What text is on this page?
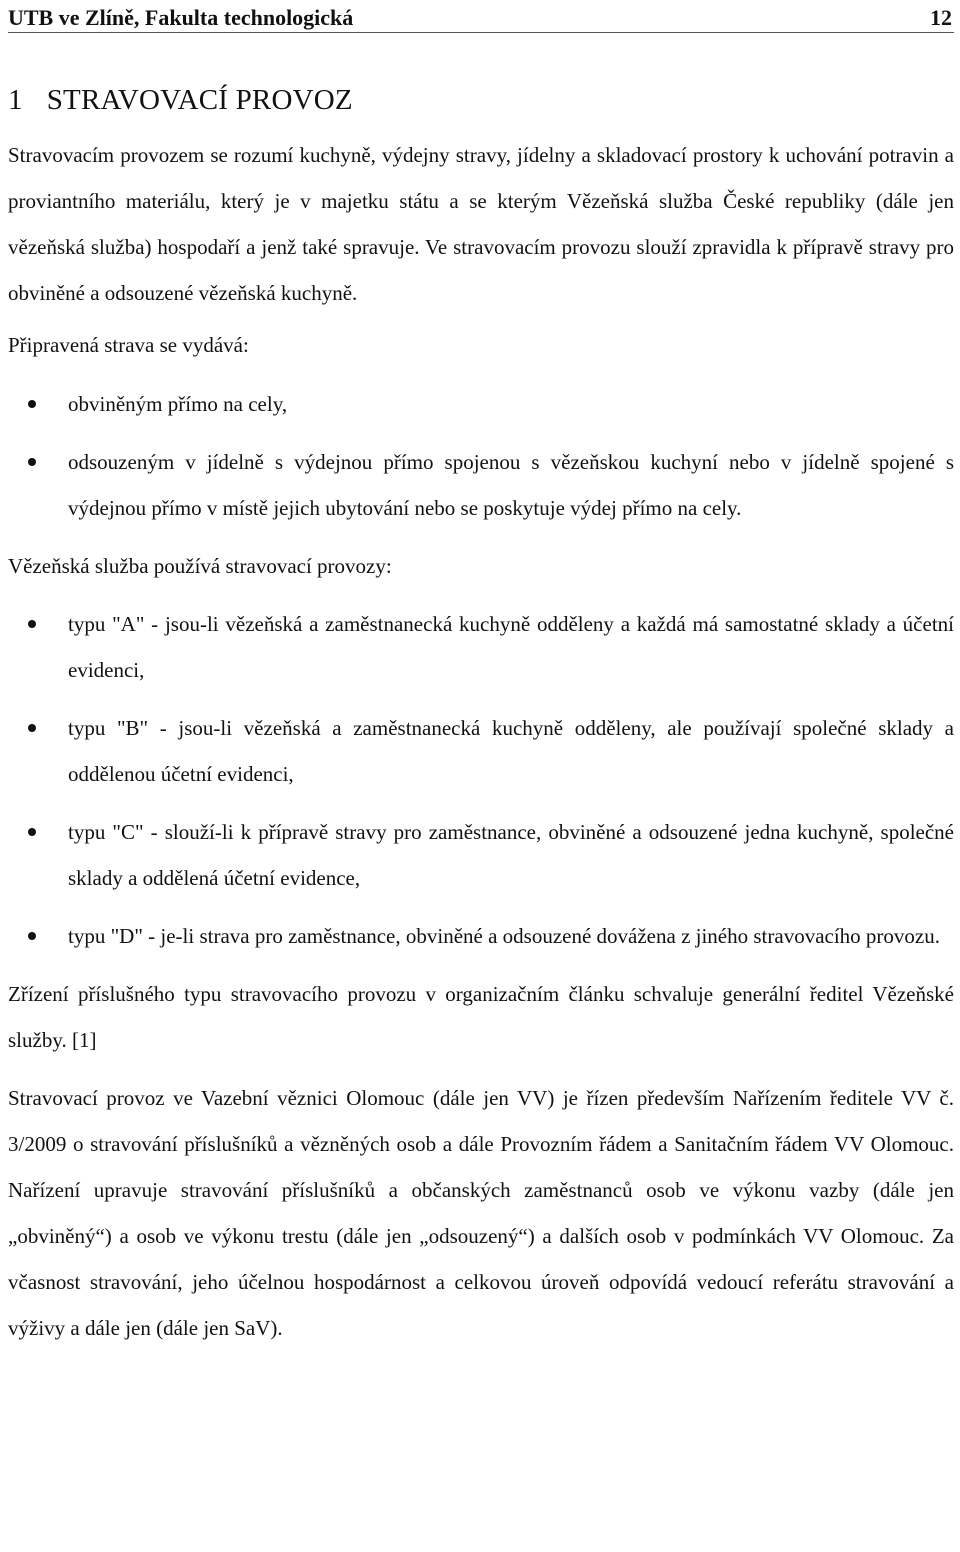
UTB ve Zlíně, Fakulta technologická	12
1 STRAVOVACÍ PROVOZ

Stravovacím provozem se rozumí kuchyně, výdejny stravy, jídelny a skladovací prostory k uchování potravin a proviantního materiálu, který je v majetku státu a se kterým Vězeňská služba České republiky (dále jen vězeňská služba) hospodaří a jenž také spravuje. Ve stravovacím provozu slouží zpravidla k přípravě stravy pro obviněné a odsouzené vězeňská kuchyně.

Připravená strava se vydává:

obviněným přímo na cely,
odsouzeným v jídelně s výdejnou přímo spojenou s vězeňskou kuchyní nebo v jídelně spojené s výdejnou přímo v místě jejich ubytování nebo se poskytuje výdej přímo na cely.

Vězeňská služba používá stravovací provozy:

typu "A" - jsou-li vězeňská a zaměstnanecká kuchyně odděleny a každá má samostatné sklady a účetní evidenci,
typu "B" - jsou-li vězeňská a zaměstnanecká kuchyně odděleny, ale používají společné sklady a oddělenou účetní evidenci,
typu "C" - slouží-li k přípravě stravy pro zaměstnance, obviněné a odsouzené jedna kuchyně, společné sklady a oddělená účetní evidence,
typu "D" - je-li strava pro zaměstnance, obviněné a odsouzené dovážena z jiného stravovacího provozu.

Zřízení příslušného typu stravovacího provozu v organizačním článku schvaluje generální ředitel Vězeňské služby. [1]

Stravovací provoz ve Vazební věznici Olomouc (dále jen VV) je řízen především Nařízením ředitele VV č. 3/2009 o stravování příslušníků a vězněných osob a dále Provozním řádem a Sanitačním řádem VV Olomouc. Nařízení upravuje stravování příslušníků a občanských zaměstnanců osob ve výkonu vazby (dále jen „obviněný“) a osob ve výkonu trestu (dále jen „odsouzený“) a dalších osob v podmínkách VV Olomouc. Za včasnost stravování, jeho účelnou hospodárnost a celkovou úroveň odpovídá vedoucí referátu stravování a výživy a dále jen (dále jen SaV).
